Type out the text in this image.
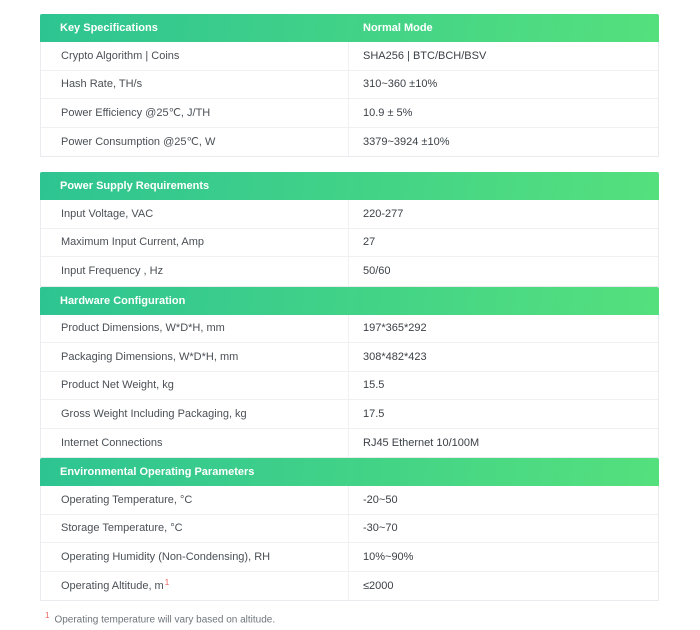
Key Specifications	Normal Mode
Crypto Algorithm | Coins	SHA256 | BTC/BCH/BSV
Hash Rate, TH/s	310~360 ±10%
Power Efficiency @25℃, J/TH	10.9 ± 5%
Power Consumption @25℃, W	3379~3924 ±10%
Power Supply Requirements
Input Voltage, VAC	220-277
Maximum Input Current, Amp	27
Input Frequency , Hz	50/60
Hardware Configuration
Product Dimensions, W*D*H, mm	197*365*292
Packaging Dimensions, W*D*H, mm	308*482*423
Product Net Weight, kg	15.5
Gross Weight Including Packaging, kg	17.5
Internet Connections	RJ45 Ethernet 10/100M
Environmental Operating Parameters
Operating Temperature, °C	-20~50
Storage Temperature, °C	-30~70
Operating Humidity (Non-Condensing), RH	10%~90%
Operating Altitude, $m^1$	≤2000
$^1$ Operating temperature will vary based on altitude.
